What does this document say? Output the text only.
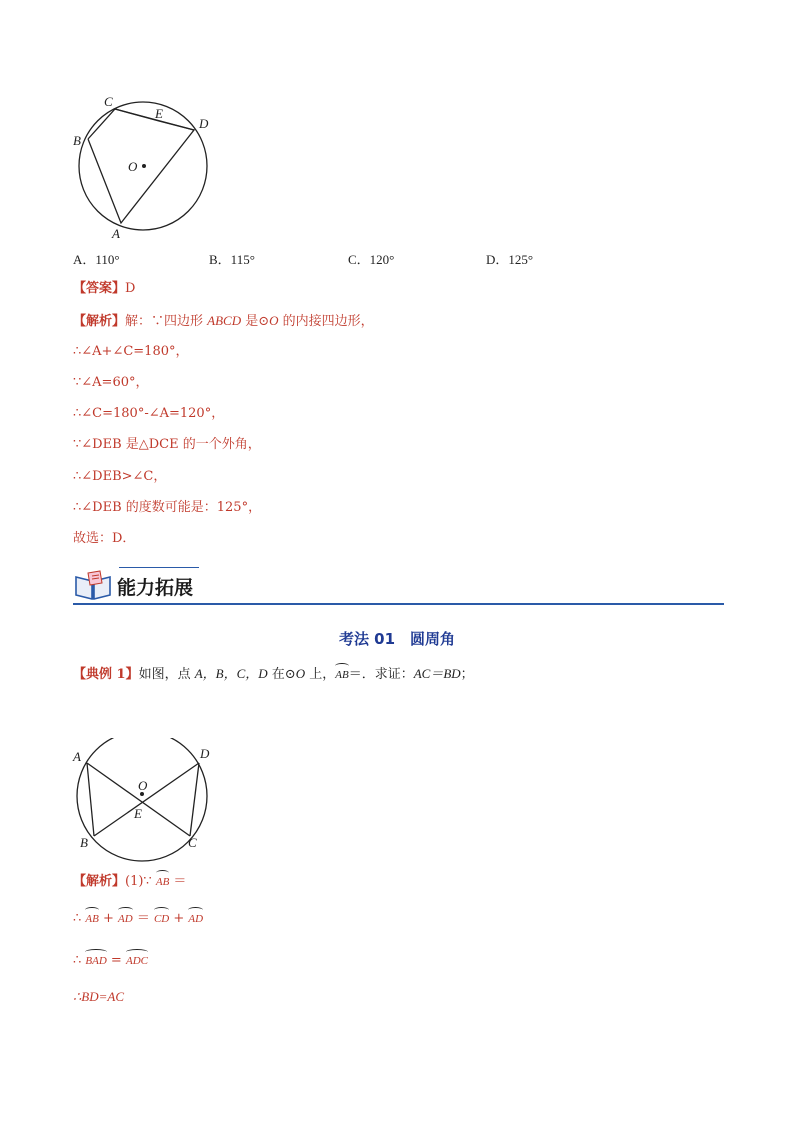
C
E
D
B
O
A
A．110°	B．115°	C．120°	D．125°
【答案】D
【解析】解：∵四边形 ABCD 是⊙O 的内接四边形，
∴∠A+∠C=180°，
∵∠A=60°，
∴∠C=180°-∠A=120°，
∵∠DEB 是△DCE 的一个外角，
∴∠DEB>∠C，
∴∠DEB 的度数可能是：125°，
故选：D．
能力拓展
考法 01　圆周角
【典例 1】如图，点 A，B，C，D 在⊙O 上，AB＝．求证：AC＝BD；
A	D
O
E
B	C
【解析】(1)∵ AB ＝
∴ AB + AD ＝ CD + AD
∴ BAD = ADC
∴BD=AC
